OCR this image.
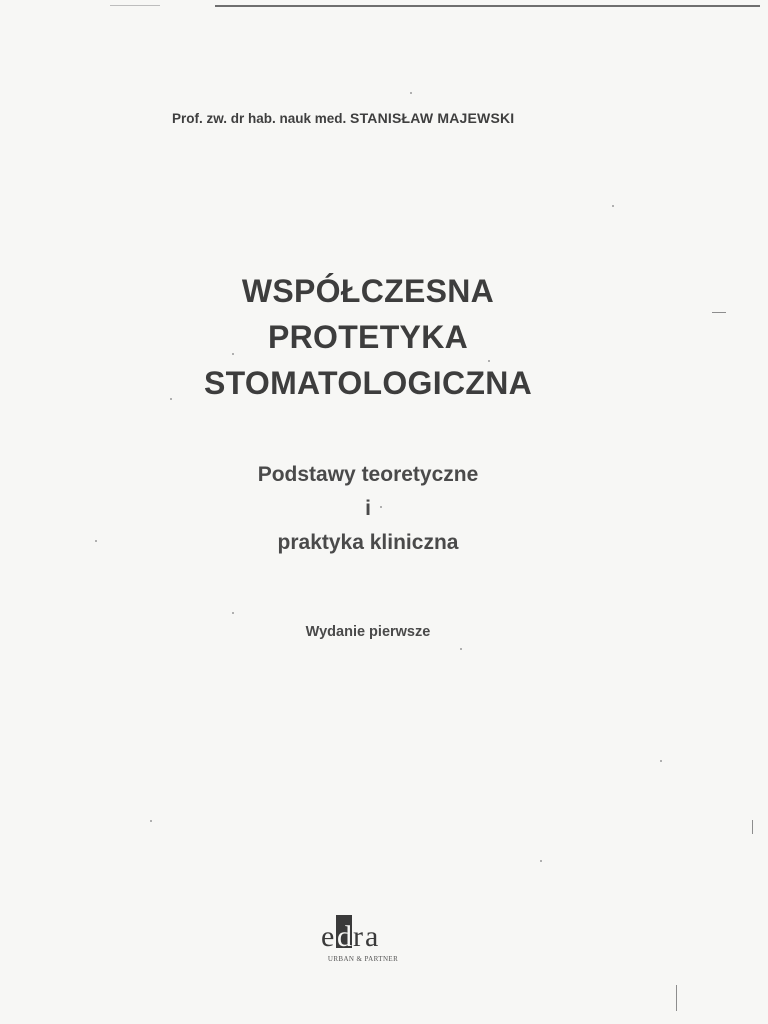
Prof. zw. dr hab. nauk med. STANISŁAW MAJEWSKI
WSPÓŁCZESNA
PROTETYKA
STOMATOLOGICZNA
Podstawy teoretyczne
i
praktyka kliniczna
Wydanie pierwsze
e d r a
URBAN & PARTNER
